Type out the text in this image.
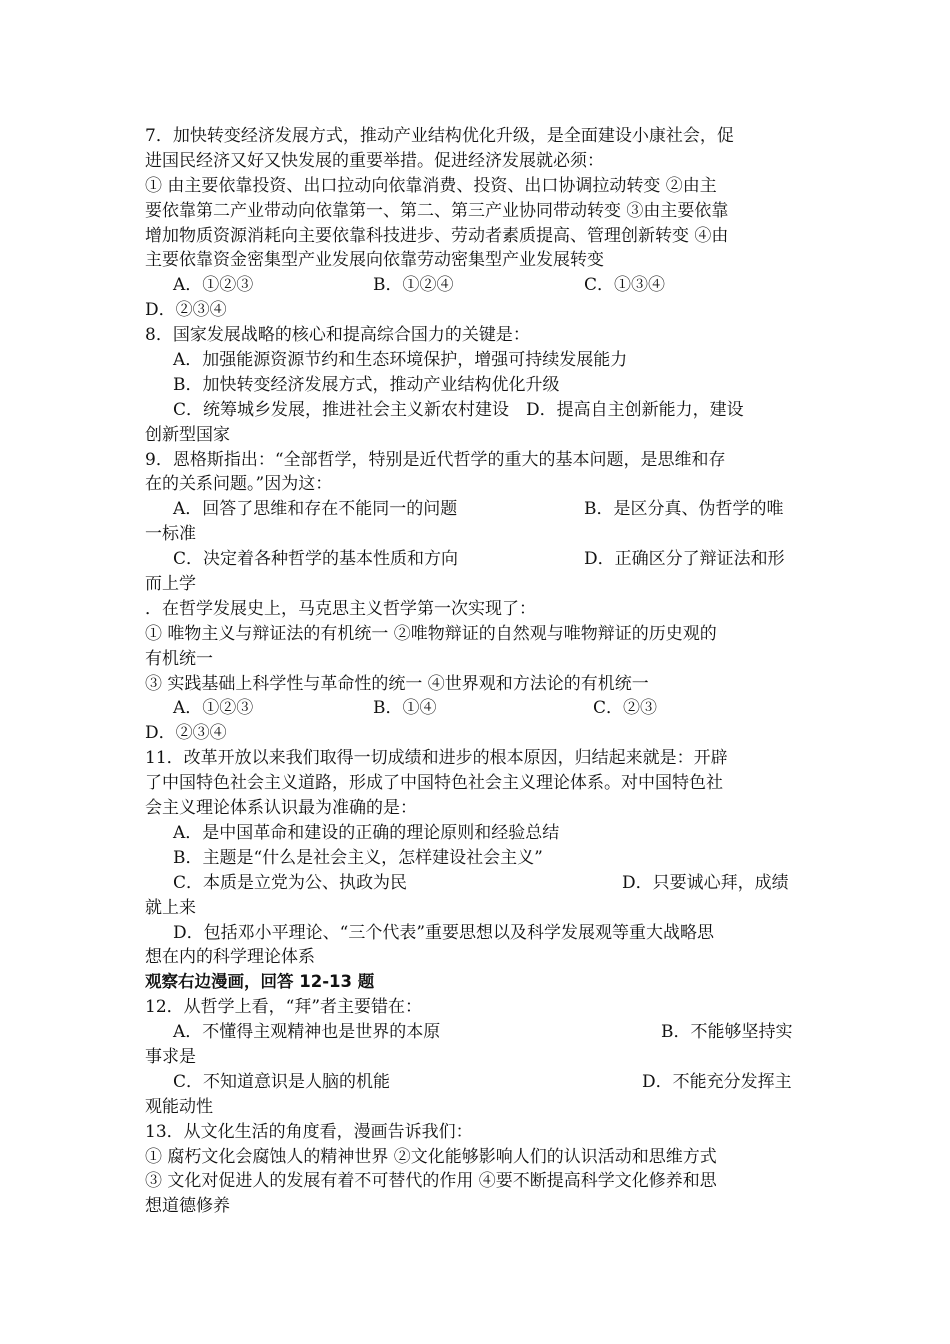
7．加快转变经济发展方式，推动产业结构优化升级，是全面建设小康社会，促
进国民经济又好又快发展的重要举措。促进经济发展就必须：
① 由主要依靠投资、出口拉动向依靠消费、投资、出口协调拉动转变 ②由主
要依靠第二产业带动向依靠第一、第二、第三产业协同带动转变 ③由主要依靠
增加物质资源消耗向主要依靠科技进步、劳动者素质提高、管理创新转变 ④由
主要依靠资金密集型产业发展向依靠劳动密集型产业发展转变
A．①②③	B．①②④	C．①③④
D．②③④
8．国家发展战略的核心和提高综合国力的关键是：
A．加强能源资源节约和生态环境保护，增强可持续发展能力
B．加快转变经济发展方式，推动产业结构优化升级
C．统筹城乡发展，推进社会主义新农村建设　D．提高自主创新能力，建设
创新型国家
9．恩格斯指出：“全部哲学，特别是近代哲学的重大的基本问题，是思维和存
在的关系问题。”因为这：
A．回答了思维和存在不能同一的问题	B．是区分真、伪哲学的唯
一标准
C．决定着各种哲学的基本性质和方向	D．正确区分了辩证法和形
而上学
．在哲学发展史上，马克思主义哲学第一次实现了：
① 唯物主义与辩证法的有机统一 ②唯物辩证的自然观与唯物辩证的历史观的
有机统一
③ 实践基础上科学性与革命性的统一 ④世界观和方法论的有机统一
A．①②③	B．①④	C．②③
D．②③④
11．改革开放以来我们取得一切成绩和进步的根本原因，归结起来就是：开辟
了中国特色社会主义道路，形成了中国特色社会主义理论体系。对中国特色社
会主义理论体系认识最为准确的是：
A．是中国革命和建设的正确的理论原则和经验总结
B．主题是“什么是社会主义，怎样建设社会主义”
C．本质是立党为公、执政为民	D．只要诚心拜，成绩
就上来
D．包括邓小平理论、“三个代表”重要思想以及科学发展观等重大战略思
想在内的科学理论体系
观察右边漫画，回答 12-13 题
12．从哲学上看，“拜”者主要错在：
A．不懂得主观精神也是世界的本原	B．不能够坚持实
事求是
C．不知道意识是人脑的机能	D．不能充分发挥主
观能动性
13．从文化生活的角度看，漫画告诉我们：
① 腐朽文化会腐蚀人的精神世界 ②文化能够影响人们的认识活动和思维方式
③ 文化对促进人的发展有着不可替代的作用 ④要不断提高科学文化修养和思
想道德修养
